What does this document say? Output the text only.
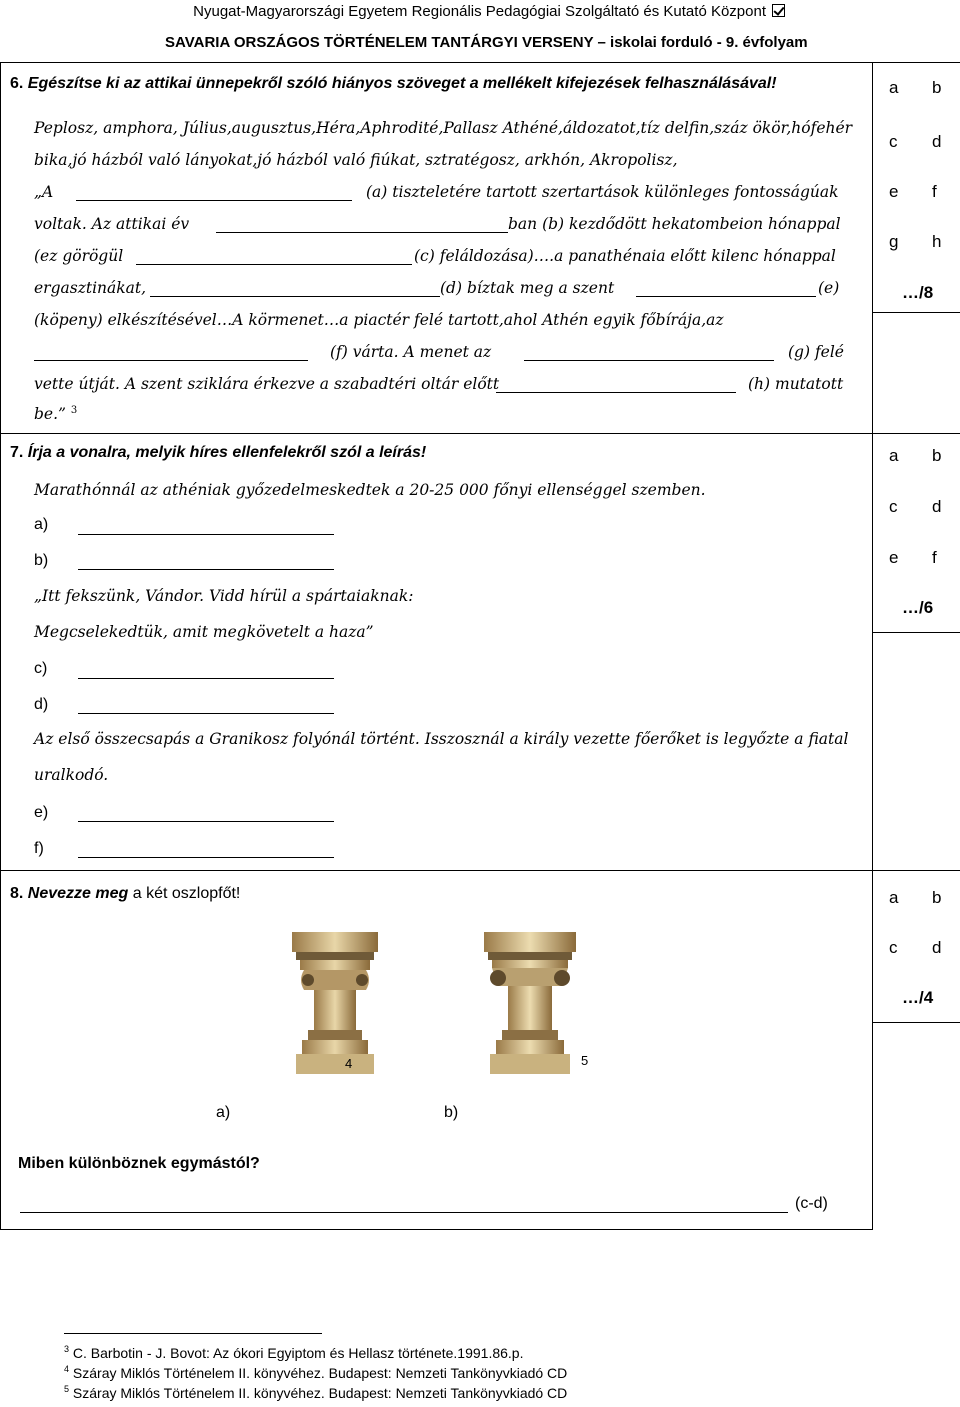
Nyugat-Magyarországi Egyetem Regionális Pedagógiai Szolgáltató és Kutató Központ
SAVARIA ORSZÁGOS TÖRTÉNELEM TANTÁRGYI VERSENY – iskolai forduló - 9. évfolyam
6. Egészítse ki az attikai ünnepekről szóló hiányos szöveget a mellékelt kifejezések felhasználásával!
Peplosz, amphora, Július,augusztus,Héra,Aphrodité,Pallasz Athéné,áldozatot,tíz delfin,száz ökör,hófehér
bika,jó házból való lányokat,jó házból való fiúkat, sztratégosz, arkhón, Akropolisz,
„A	(a) tiszteletére tartott szertartások különleges fontosságúak
voltak. Az attikai év	ban (b) kezdődött hekatombeion hónappal
(ez görögül	(c) feláldozása)….a panathénaia előtt kilenc hónappal
ergasztinákat,	(d) bíztak meg a szent	(e)
(köpeny) elkészítésével…A körmenet…a piactér felé tartott,ahol Athén egyik főbírája,az
(f) várta. A menet az	(g) felé
vette útját. A szent sziklára érkezve a szabadtéri oltár előtt	(h) mutatott
be.” $^3$
a b
c d
e f
g h
…/8
7. Írja a vonalra, melyik híres ellenfelekről szól a leírás!
Marathónnál az athéniak győzedelmeskedtek a 20-25 000 főnyi ellenséggel szemben.
a)
b)
„Itt fekszünk, Vándor. Vidd hírül a spártaiaknak:
Megcselekedtük, amit megkövetelt a haza”
c)
d)
Az első összecsapás a Granikosz folyónál történt. Isszosznál a király vezette főerőket is legyőzte a fiatal
uralkodó.
e)
f)
a b
c d
e f
…/6
8. Nevezze meg a két oszlopfőt!
4	5
a)	b)
Miben különböznek egymástól?
(c-d)
a b
c d
…/4
$^3$ C. Barbotin - J. Bovot: Az ókori Egyiptom és Hellasz története.1991.86.p.
$^4$ Száray Miklós Történelem II. könyvéhez. Budapest: Nemzeti Tankönyvkiadó CD
$^5$ Száray Miklós Történelem II. könyvéhez. Budapest: Nemzeti Tankönyvkiadó CD
